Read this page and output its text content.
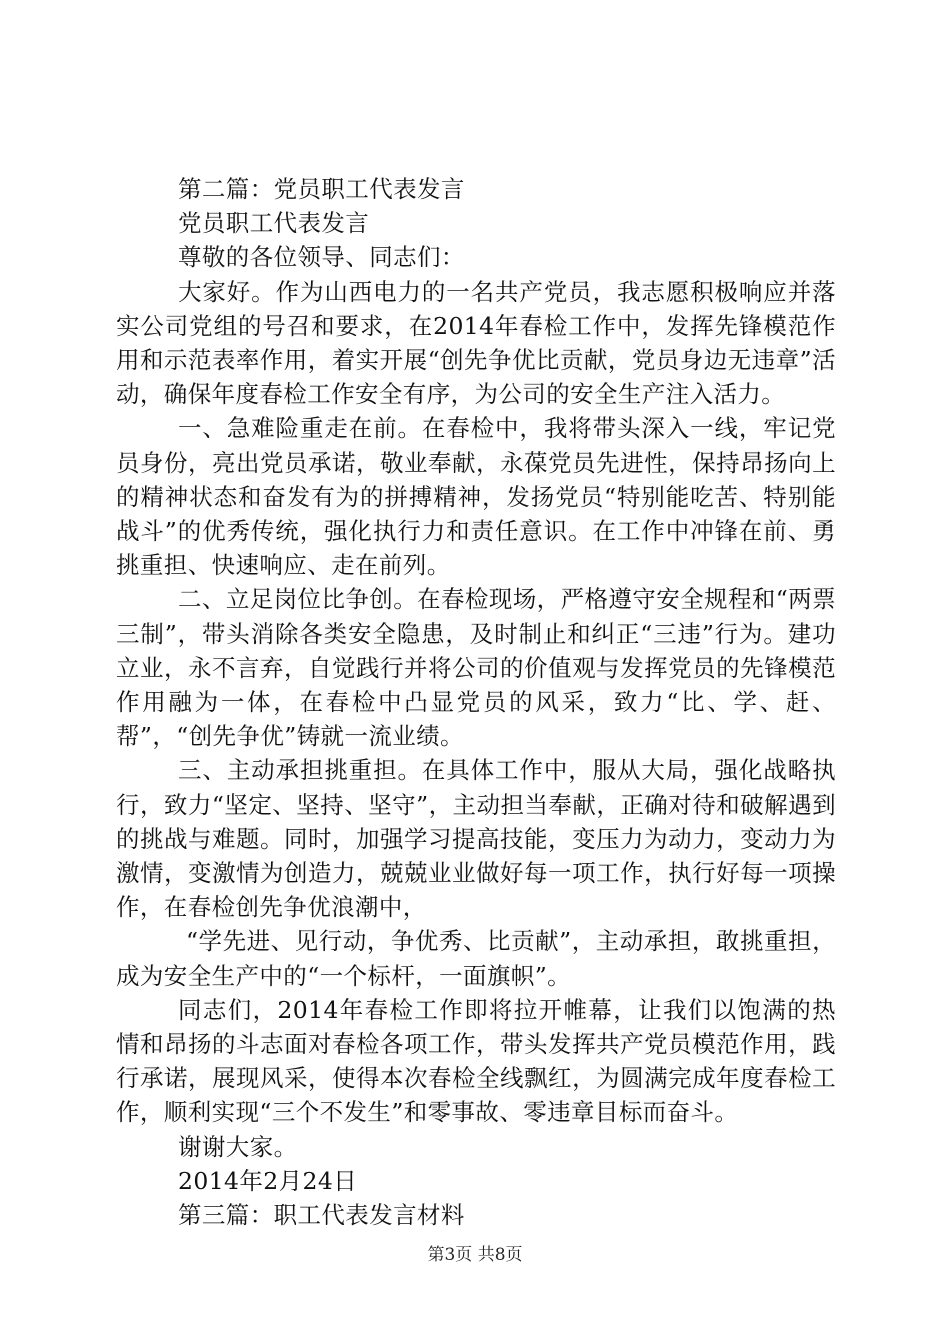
第二篇：党员职工代表发言

党员职工代表发言

尊敬的各位领导、同志们：

大家好。作为山西电力的一名共产党员，我志愿积极响应并落实公司党组的号召和要求，在2014年春检工作中，发挥先锋模范作用和示范表率作用，着实开展“创先争优比贡献，党员身边无违章”活动，确保年度春检工作安全有序，为公司的安全生产注入活力。

一、急难险重走在前。在春检中，我将带头深入一线，牢记党员身份，亮出党员承诺，敬业奉献，永葆党员先进性，保持昂扬向上的精神状态和奋发有为的拼搏精神，发扬党员“特别能吃苦、特别能战斗”的优秀传统，强化执行力和责任意识。在工作中冲锋在前、勇挑重担、快速响应、走在前列。

二、立足岗位比争创。在春检现场，严格遵守安全规程和“两票三制”，带头消除各类安全隐患，及时制止和纠正“三违”行为。建功立业，永不言弃，自觉践行并将公司的价值观与发挥党员的先锋模范作用融为一体，在春检中凸显党员的风采，致力“比、学、赶、帮”，“创先争优”铸就一流业绩。

三、主动承担挑重担。在具体工作中，服从大局，强化战略执行，致力“坚定、坚持、坚守”，主动担当奉献，正确对待和破解遇到的挑战与难题。同时，加强学习提高技能，变压力为动力，变动力为激情，变激情为创造力，兢兢业业做好每一项工作，执行好每一项操作，在春检创先争优浪潮中，

“学先进、见行动，争优秀、比贡献”，主动承担，敢挑重担，成为安全生产中的“一个标杆，一面旗帜”。

同志们，2014年春检工作即将拉开帷幕，让我们以饱满的热情和昂扬的斗志面对春检各项工作，带头发挥共产党员模范作用，践行承诺，展现风采，使得本次春检全线飘红，为圆满完成年度春检工作，顺利实现“三个不发生”和零事故、零违章目标而奋斗。

谢谢大家。

2014年2月24日

第三篇：职工代表发言材料

第3页 共8页
